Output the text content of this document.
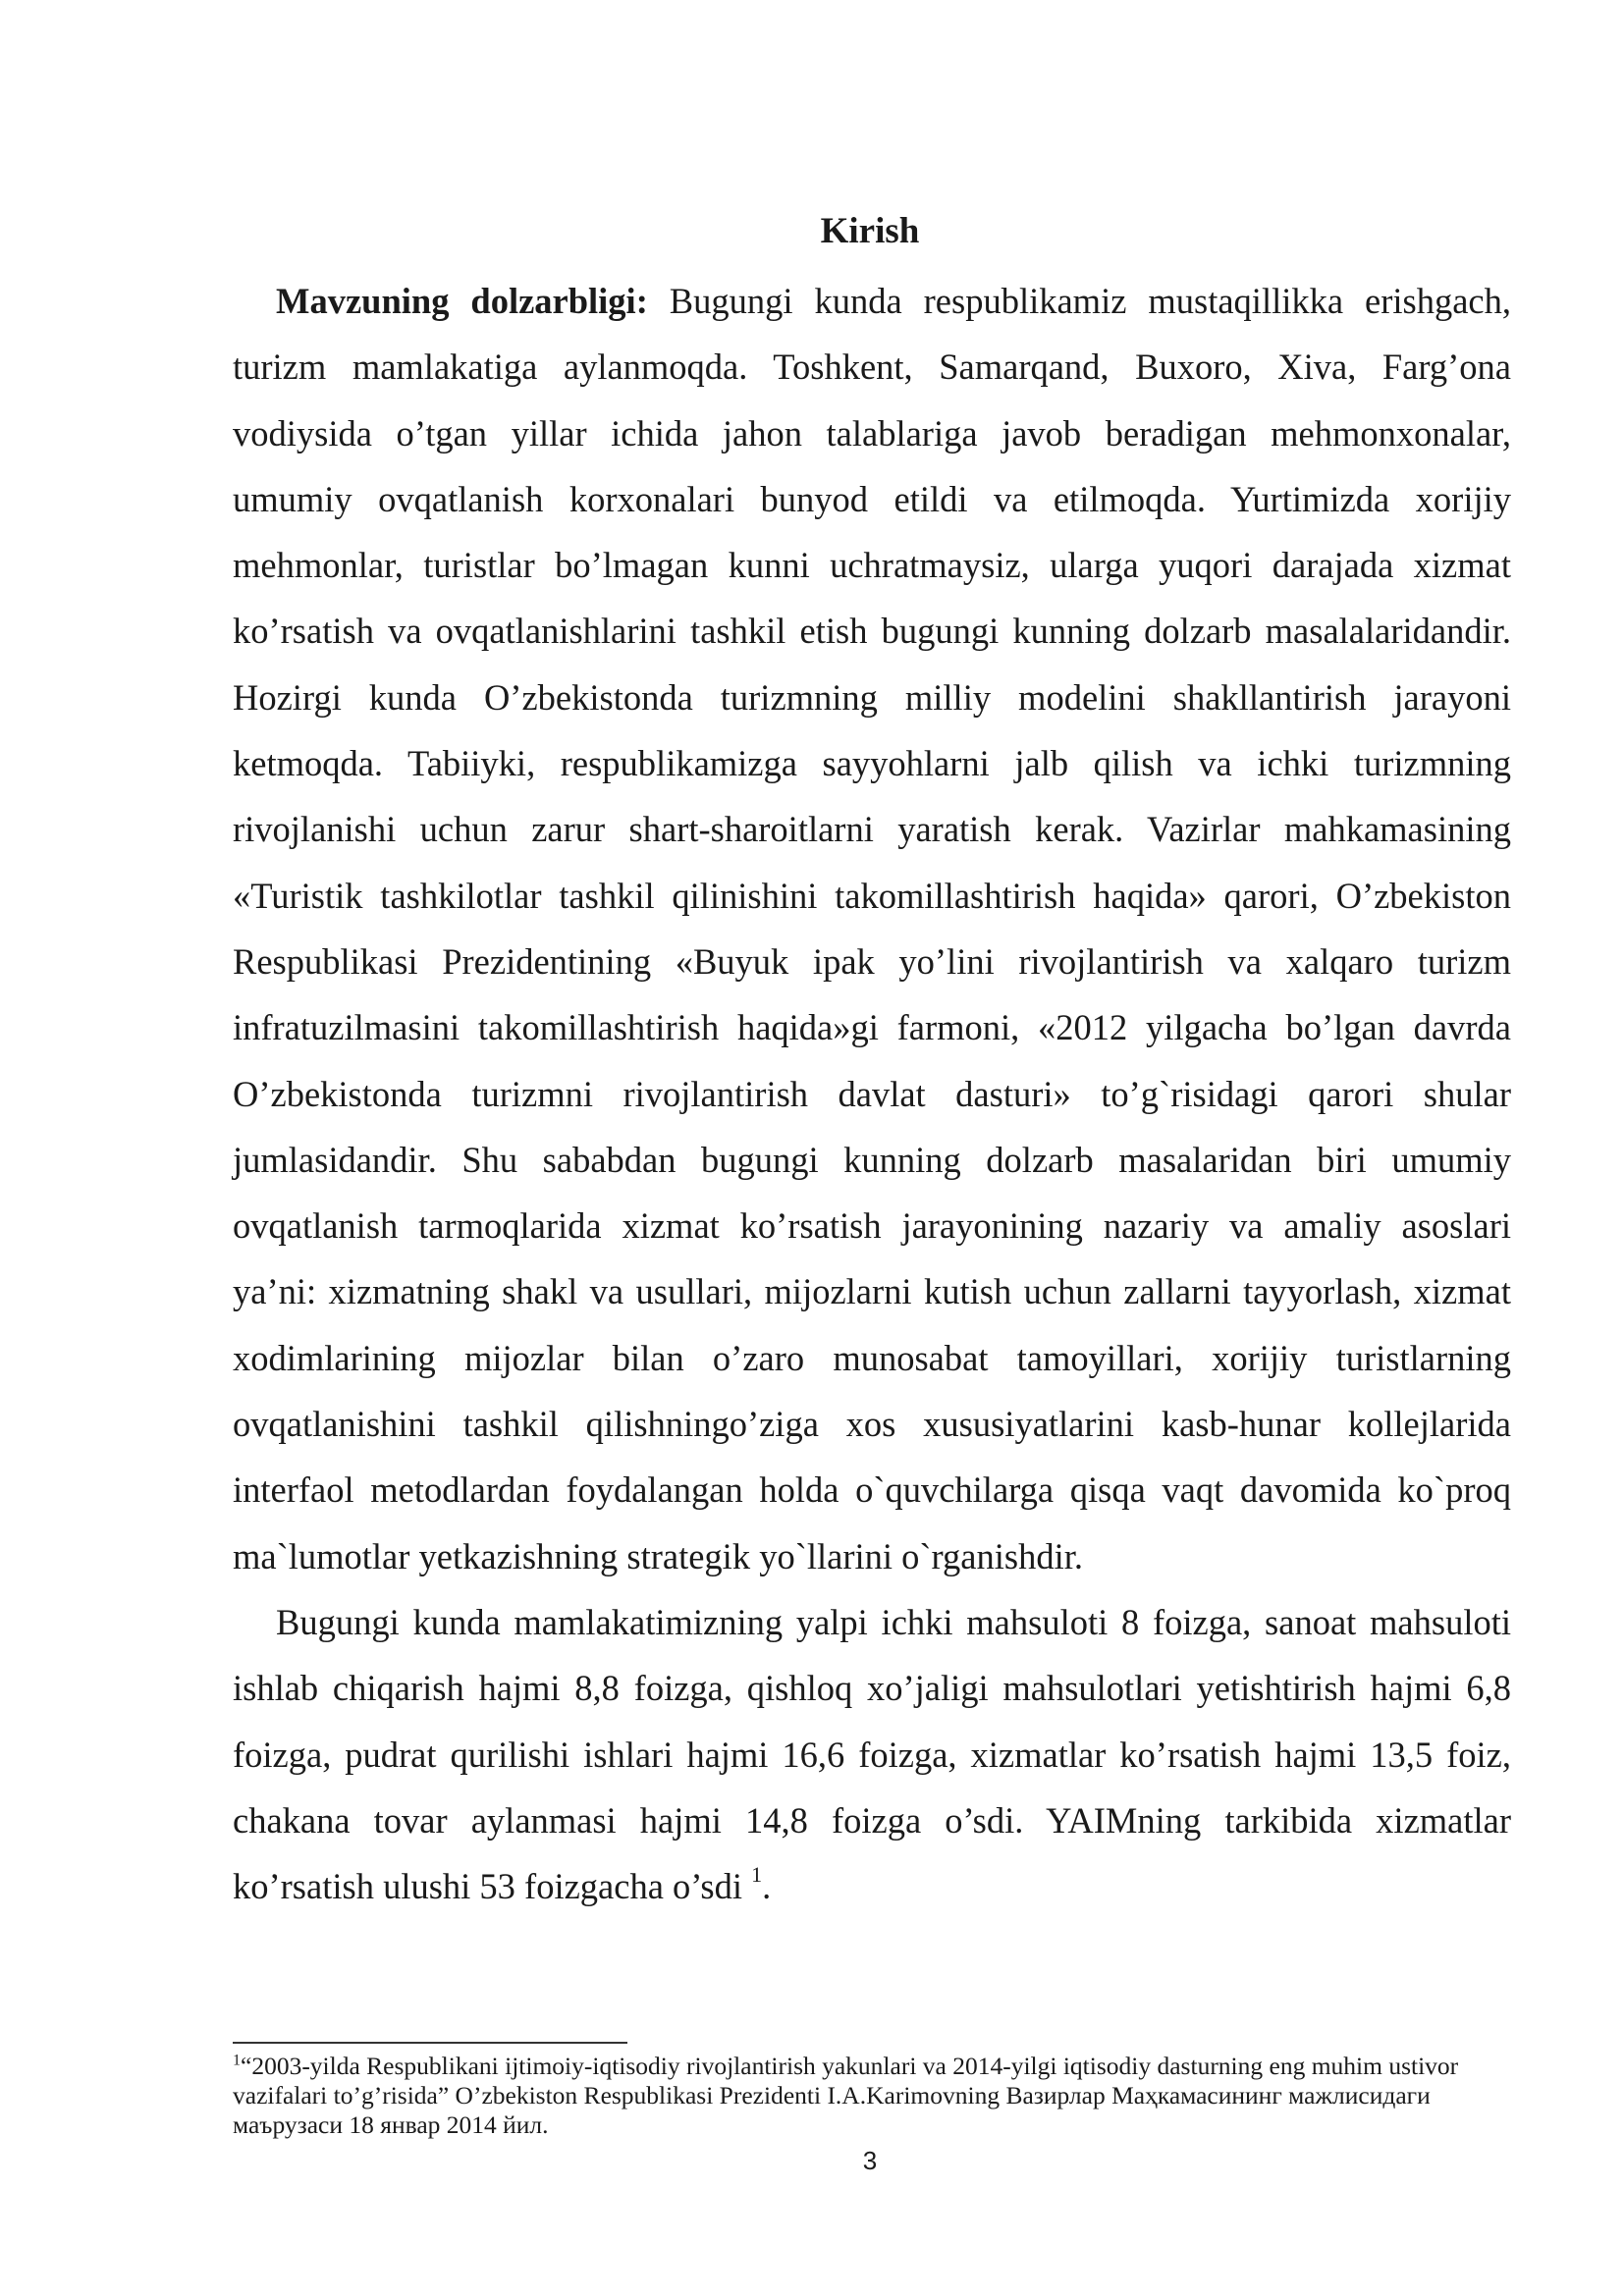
Kirish

Mavzuning dolzarbligi: Bugungi kunda respublikamiz mustaqillikka erishgach, turizm mamlakatiga aylanmoqda. Toshkent, Samarqand, Buxoro, Xiva, Farg’ona vodiysida o’tgan yillar ichida jahon talablariga javob beradigan mehmonxonalar, umumiy ovqatlanish korxonalari bunyod etildi va etilmoqda. Yurtimizda xorijiy mehmonlar, turistlar bo’lmagan kunni uchratmaysiz, ularga yuqori darajada xizmat ko’rsatish va ovqatlanishlarini tashkil etish bugungi kunning dolzarb masalalaridandir. Hozirgi kunda O’zbekistonda turizmning milliy modelini shakllantirish jarayoni ketmoqda. Tabiiyki, respublikamizga sayyohlarni jalb qilish va ichki turizmning rivojlanishi uchun zarur shart-sharoitlarni yaratish kerak. Vazirlar mahkamasining «Turistik tashkilotlar tashkil qilinishini takomillashtirish haqida» qarori, O’zbekiston Respublikasi Prezidentining «Buyuk ipak yo’lini rivojlantirish va xalqaro turizm infratuzilmasini takomillashtirish haqida»gi farmoni, «2012 yilgacha bo’lgan davrda O’zbekistonda turizmni rivojlantirish davlat dasturi» to’g`risidagi qarori shular jumlasidandir. Shu sababdan bugungi kunning dolzarb masalaridan biri umumiy ovqatlanish tarmoqlarida xizmat ko’rsatish jarayonining nazariy va amaliy asoslari ya’ni: xizmatning shakl va usullari, mijozlarni kutish uchun zallarni tayyorlash, xizmat xodimlarining mijozlar bilan o’zaro munosabat tamoyillari, xorijiy turistlarning ovqatlanishini tashkil qilishningo’ziga xos xususiyatlarini kasb-hunar kollejlarida interfaol metodlardan foydalangan holda o`quvchilarga qisqa vaqt davomida ko`proq ma`lumotlar yetkazishning strategik yo`llarini o`rganishdir.

Bugungi kunda mamlakatimizning yalpi ichki mahsuloti 8 foizga, sanoat mahsuloti ishlab chiqarish hajmi 8,8 foizga, qishloq xo’jaligi mahsulotlari yetishtirish hajmi 6,8 foizga, pudrat qurilishi ishlari hajmi 16,6 foizga, xizmatlar ko’rsatish hajmi 13,5 foiz, chakana tovar aylanmasi hajmi 14,8 foizga o’sdi. YAIMning tarkibida xizmatlar ko’rsatish ulushi 53 foizgacha o’sdi $^1$.

$^1$“2003-yilda Respublikani ijtimoiy-iqtisodiy rivojlantirish yakunlari va 2014-yilgi iqtisodiy dasturning eng muhim ustivor vazifalari to’g’risida” O’zbekiston Respublikasi Prezidenti I.A.Karimovning Вазирлар Маҳкамасининг мажлисидаги маърузаси 18 январ 2014 йил.

3
